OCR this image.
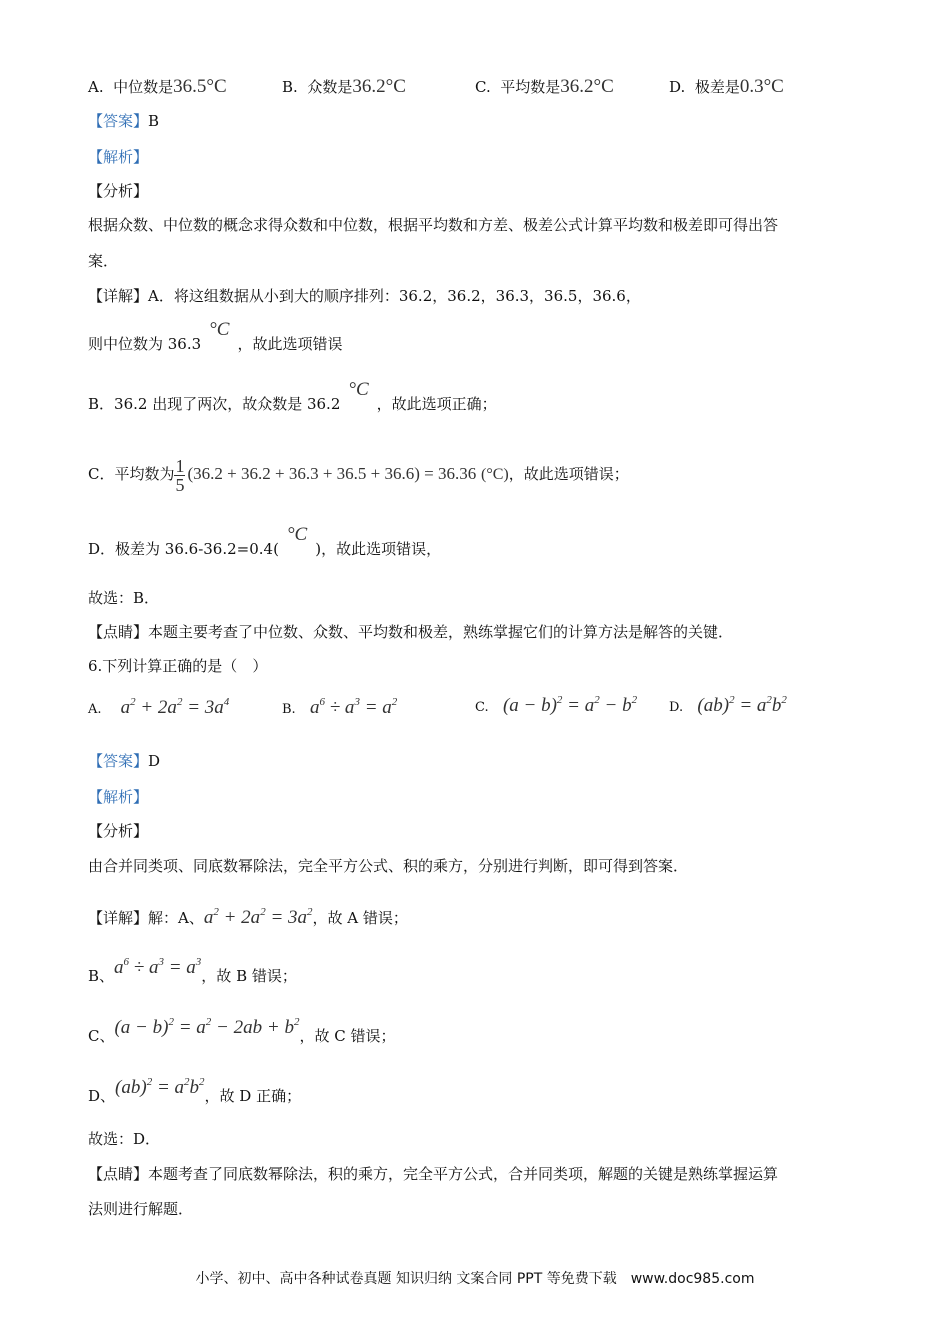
A. 中位数是36.5°C	B. 众数是36.2°C	C. 平均数是36.2°C	D. 极差是0.3°C
【答案】B
【解析】
【分析】
根据众数、中位数的概念求得众数和中位数，根据平均数和方差、极差公式计算平均数和极差即可得出答
案．
【详解】A．将这组数据从小到大的顺序排列：36.2，36.2，36.3，36.5，36.6，
则中位数为 36.3°C，故此选项错误
B．36.2 出现了两次，故众数是 36.2°C，故此选项正确；
C．平均数为 $\frac{1}{5} (36.2 + 36.2 + 36.3 + 36.5 + 36.6) = 36.36$ (°C)，故此选项错误；
D．极差为 36.6-36.2=0.4(°C)，故此选项错误，
故选：B．
【点睛】本题主要考查了中位数、众数、平均数和极差，熟练掌握它们的计算方法是解答的关键．
6.下列计算正确的是（　）
A. $a^2 + 2a^2 = 3a^4$	B. $a^6 \div a^3 = a^2$	C. $(a - b)^2 = a^2 - b^2$ D. $(ab)^2 = a^2b^2$
【答案】D
【解析】
【分析】
由合并同类项、同底数幂除法，完全平方公式、积的乘方，分别进行判断，即可得到答案．
【详解】解：A、$a^2 + 2a^2 = 3a^2$，故 A 错误；
B、$a^6 \div a^3 = a^3$，故 B 错误；
C、$(a - b)^2 = a^2 - 2ab + b^2$，故 C 错误；
D、$(ab)^2 = a^2b^2$，故 D 正确；
故选：D．
【点睛】本题考查了同底数幂除法，积的乘方，完全平方公式，合并同类项，解题的关键是熟练掌握运算
法则进行解题．
小学、初中、高中各种试卷真题 知识归纳 文案合同 PPT 等免费下载　www.doc985.com
